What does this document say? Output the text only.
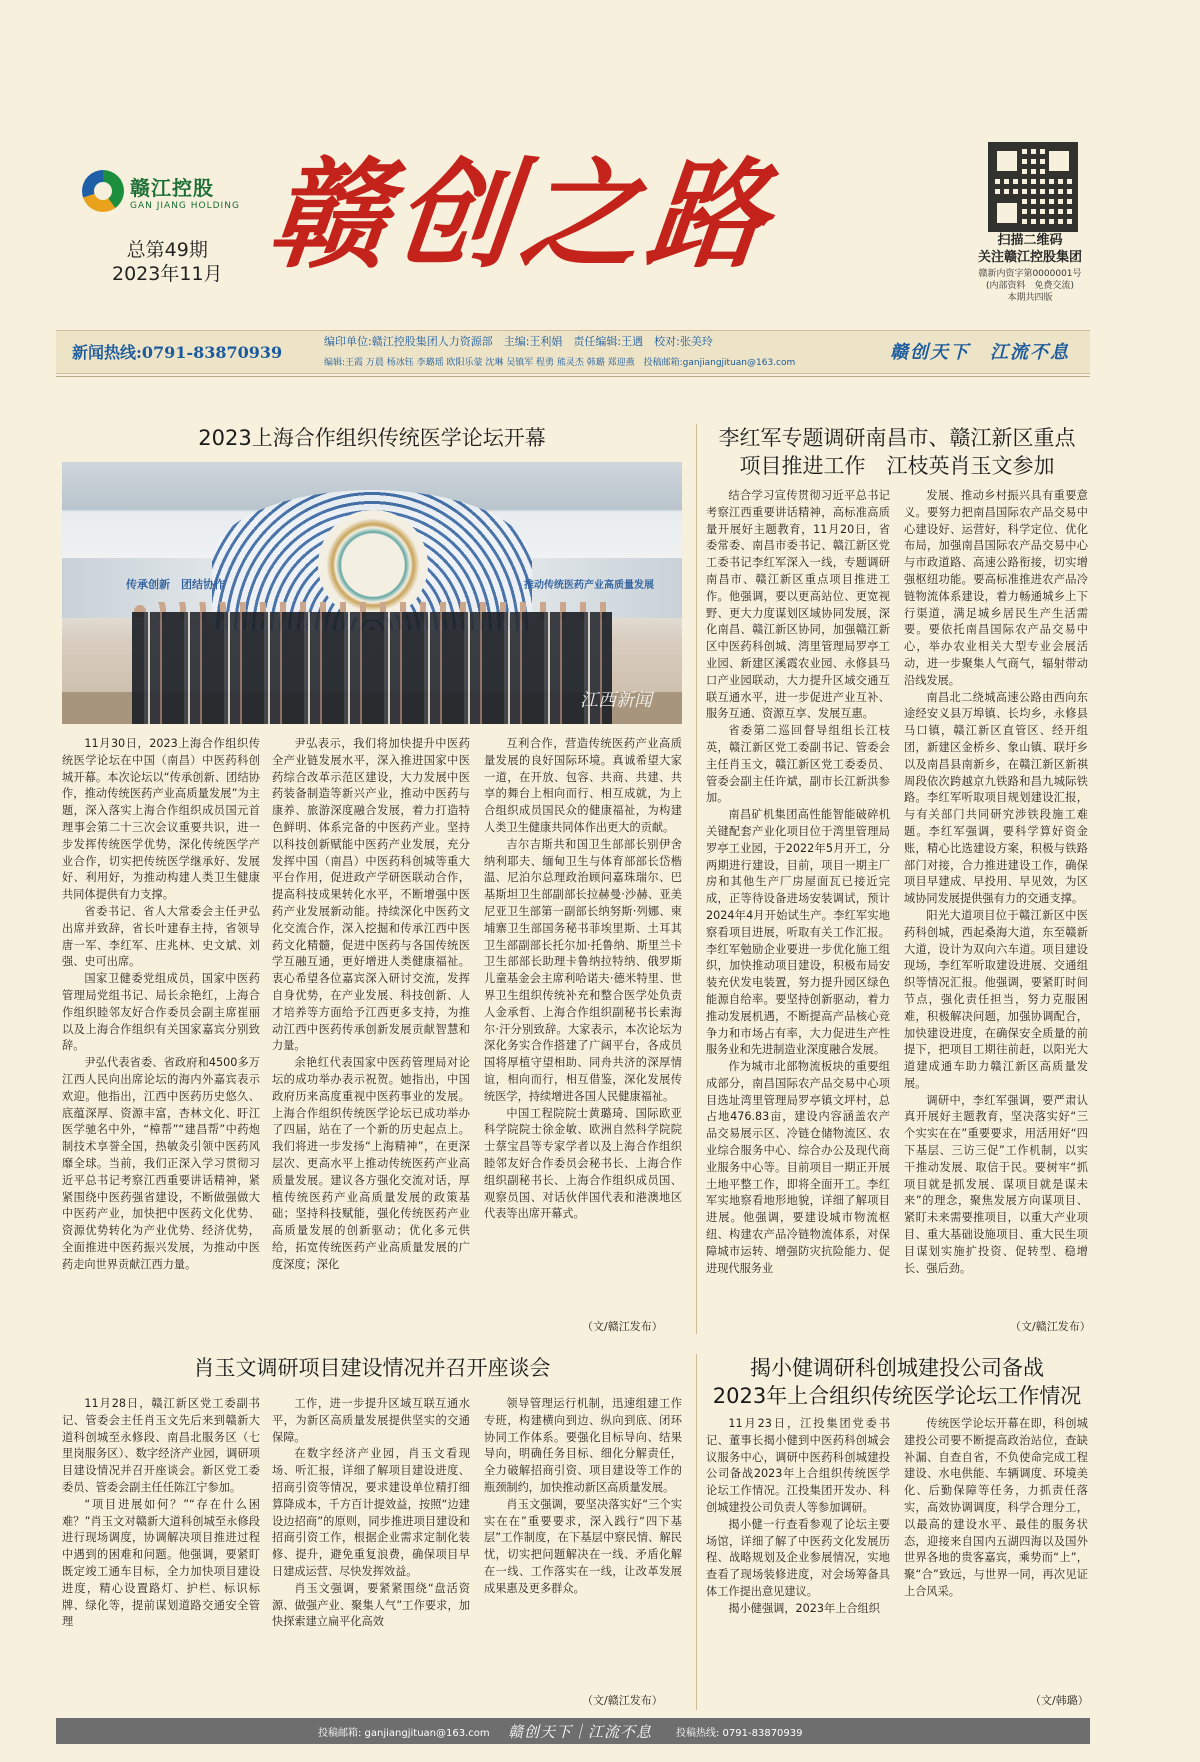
赣江控股
GAN JIANG HOLDING
总第49期
2023年11月 赣创之路	扫描二维码
关注赣江控股集团
赣新内资字第0000001号
(内部资料　免费交流)
本期共四版
新闻热线:0791-83870939
编印单位:赣江控股集团人力资源部　主编:王利娟　责任编辑:王遇　校对:张美玲
编辑:王霞 万晨 杨冰钰 李璐瑶 欧阳乐蒙 沈琳 吴镇军 程勇 熊灵杰 韩璐 郑迎燕　投稿邮箱:ganjiangjituan@163.com	赣创天下　江流不息
2023上海合作组织传统医学论坛开幕
传承创新　团结协作	推动传统医药产业高质量发展
江西新闻

11月30日，2023上海合作组织传统医学论坛在中国（南昌）中医药科创城开幕。本次论坛以“传承创新、团结协作，推动传统医药产业高质量发展”为主题，深入落实上海合作组织成员国元首理事会第二十三次会议重要共识，进一步发挥传统医学优势，深化传统医学产业合作，切实把传统医学继承好、发展好、利用好，为推动构建人类卫生健康共同体提供有力支撑。

省委书记、省人大常委会主任尹弘出席并致辞，省长叶建春主持，省领导唐一军、李红军、庄兆林、史文斌、刘强、史可出席。

国家卫健委党组成员，国家中医药管理局党组书记、局长余艳红，上海合作组织睦邻友好合作委员会副主席崔丽以及上海合作组织有关国家嘉宾分别致辞。

尹弘代表省委、省政府和4500多万江西人民向出席论坛的海内外嘉宾表示欢迎。他指出，江西中医药历史悠久、底蕴深厚、资源丰富，杏林文化、盱江医学驰名中外，“樟帮”“建昌帮”中药炮制技术享誉全国，热敏灸引领中医药风靡全球。当前，我们正深入学习贯彻习近平总书记考察江西重要讲话精神，紧紧围绕中医药强省建设，不断做强做大中医药产业，加快把中医药文化优势、资源优势转化为产业优势、经济优势，全面推进中医药振兴发展，为推动中医药走向世界贡献江西力量。

尹弘表示，我们将加快提升中医药全产业链发展水平，深入推进国家中医药综合改革示范区建设，大力发展中医药装备制造等新兴产业，推动中医药与康养、旅游深度融合发展，着力打造特色鲜明、体系完备的中医药产业。坚持以科技创新赋能中医药产业发展，充分发挥中国（南昌）中医药科创城等重大平台作用，促进政产学研医联动合作，提高科技成果转化水平，不断增强中医药产业发展新动能。持续深化中医药文化交流合作，深入挖掘和传承江西中医药文化精髓，促进中医药与各国传统医学互融互通，更好增进人类健康福祉。衷心希望各位嘉宾深入研讨交流，发挥自身优势，在产业发展、科技创新、人才培养等方面给予江西更多支持，为推动江西中医药传承创新发展贡献智慧和力量。

余艳红代表国家中医药管理局对论坛的成功举办表示祝贺。她指出，中国政府历来高度重视中医药事业的发展。上海合作组织传统医学论坛已成功举办了四届，站在了一个新的历史起点上。我们将进一步发扬“上海精神”，在更深层次、更高水平上推动传统医药产业高质量发展。建议各方强化交流对话，厚植传统医药产业高质量发展的政策基础；坚持科技赋能，强化传统医药产业高质量发展的创新驱动；优化多元供给，拓宽传统医药产业高质量发展的广度深度；深化

互利合作，营造传统医药产业高质量发展的良好国际环境。真诚希望大家一道，在开放、包容、共商、共建、共享的舞台上相向而行、相互成就，为上合组织成员国民众的健康福祉，为构建人类卫生健康共同体作出更大的贡献。

吉尔吉斯共和国卫生部部长别伊舍纳利耶夫、缅甸卫生与体育部部长岱楷温、尼泊尔总理政治顾问嘉珠瑞尔、巴基斯坦卫生部副部长拉赫曼·沙赫、亚美尼亚卫生部第一副部长纳努斯·列娜、柬埔寨卫生部国务秘书菲埃里斯、土耳其卫生部副部长托尔加·托鲁纳、斯里兰卡卫生部部长助理卡鲁纳拉特纳、俄罗斯儿童基金会主席利哈诺夫·德米特里、世界卫生组织传统补充和整合医学处负责人金承哲、上海合作组织副秘书长索海尔·汗分别致辞。大家表示，本次论坛为深化务实合作搭建了广阔平台，各成员国将厚植守望相助、同舟共济的深厚情谊，相向而行，相互借鉴，深化发展传统医学，持续增进各国人民健康福祉。

中国工程院院士黄璐琦、国际欧亚科学院院士徐金敏、欧洲自然科学院院士蔡宝昌等专家学者以及上海合作组织睦邻友好合作委员会秘书长、上海合作组织副秘书长、上海合作组织成员国、观察员国、对话伙伴国代表和港澳地区代表等出席开幕式。

（文/赣江发布）
李红军专题调研南昌市、赣江新区重点
项目推进工作　江枝英肖玉文参加

结合学习宣传贯彻习近平总书记考察江西重要讲话精神，高标准高质量开展好主题教育，11月20日，省委常委、南昌市委书记、赣江新区党工委书记李红军深入一线，专题调研南昌市、赣江新区重点项目推进工作。他强调，要以更高站位、更宽视野、更大力度谋划区域协同发展，深化南昌、赣江新区协同，加强赣江新区中医药科创城、湾里管理局罗亭工业园、新建区溪霞农业园、永修县马口产业园联动，大力提升区域交通互联互通水平，进一步促进产业互补、服务互通、资源互享、发展互惠。

省委第二巡回督导组组长江枝英，赣江新区党工委副书记、管委会主任肖玉文，赣江新区党工委委员、管委会副主任许斌，副市长江新洪参加。

南昌矿机集团高性能智能破碎机关键配套产业化项目位于湾里管理局罗亭工业园，于2022年5月开工，分两期进行建设，目前，项目一期主厂房和其他生产厂房屋面瓦已接近完成，正等待设备进场安装调试，预计2024年4月开始试生产。李红军实地察看项目进展，听取有关工作汇报。李红军勉励企业要进一步优化施工组织，加快推动项目建设，积极布局安装充伏发电装置，努力提升园区绿色能源自给率。要坚持创新驱动，着力推动发展机遇，不断提高产品核心竞争力和市场占有率，大力促进生产性服务业和先进制造业深度融合发展。

作为城市北部物流板块的重要组成部分，南昌国际农产品交易中心项目选址湾里管理局罗亭镇文坪村，总占地476.83亩，建设内容涵盖农产品交易展示区、冷链仓储物流区、农业综合服务中心、综合办公及现代商业服务中心等。目前项目一期正开展土地平整工作，即将全面开工。李红军实地察看地形地貌，详细了解项目进展。他强调，要建设城市物流枢纽、构建农产品冷链物流体系，对保障城市运转、增强防灾抗险能力、促进现代服务业

发展、推动乡村振兴具有重要意义。要努力把南昌国际农产品交易中心建设好、运营好，科学定位、优化布局，加强南昌国际农产品交易中心与市政道路、高速公路衔接，切实增强枢纽功能。要高标准推进农产品冷链物流体系建设，着力畅通城乡上下行渠道，满足城乡居民生产生活需要。要依托南昌国际农产品交易中心，举办农业相关大型专业会展活动，进一步聚集人气商气，辐射带动沿线发展。

南昌北二绕城高速公路由西向东途经安义县万埠镇、长均乡，永修县马口镇，赣江新区直管区、经开组团，新建区金桥乡、象山镇、联圩乡以及南昌县南新乡，在赣江新区新祺周段依次跨越京九铁路和昌九城际铁路。李红军听取项目规划建设汇报，与有关部门共同研究涉铁段施工难题。李红军强调，要科学算好资金账，精心比选建设方案，积极与铁路部门对接，合力推进建设工作，确保项目早建成、早投用、早见效，为区域协同发展提供强有力的交通支撑。

阳光大道项目位于赣江新区中医药科创城，西起桑海大道，东至赣新大道，设计为双向六车道。项目建设现场，李红军听取建设进展、交通组织等情况汇报。他强调，要紧盯时间节点，强化责任担当，努力克服困难，积极解决问题，加强协调配合，加快建设进度，在确保安全质量的前提下，把项目工期往前赶，以阳光大道建成通车助力赣江新区高质量发展。

调研中，李红军强调，要严肃认真开展好主题教育，坚决落实好“三个实实在在”重要要求，用活用好“四下基层、三访三促”工作机制，以实干推动发展、取信于民。要树牢“抓项目就是抓发展、谋项目就是谋未来”的理念，聚焦发展方向谋项目、紧盯未来需要推项目，以重大产业项目、重大基础设施项目、重大民生项目谋划实施扩投资、促转型、稳增长、强后劲。

（文/赣江发布）
肖玉文调研项目建设情况并召开座谈会

11月28日，赣江新区党工委副书记、管委会主任肖玉文先后来到赣新大道科创城至永修段、南昌北服务区（七里岗服务区）、数字经济产业园，调研项目建设情况并召开座谈会。新区党工委委员、管委会副主任任陈江宁参加。

“项目进展如何？”“存在什么困难？”肖玉文对赣新大道科创城至永修段进行现场调度，协调解决项目推进过程中遇到的困难和问题。他强调，要紧盯既定竣工通车目标，全力加快项目建设进度，精心设置路灯、护栏、标识标牌、绿化等，提前谋划道路交通安全管理

工作，进一步提升区域互联互通水平，为新区高质量发展提供坚实的交通保障。

在数字经济产业园，肖玉文看现场、听汇报，详细了解项目建设进度、招商引资等情况，要求建设单位精打细算降成本，千方百计提效益，按照“边建设边招商”的原则，同步推进项目建设和招商引资工作，根据企业需求定制化装修、提升，避免重复浪费，确保项目早日建成运营、尽快发挥效益。

肖玉文强调，要紧紧围绕“盘活资源、做强产业、聚集人气”工作要求，加快探索建立扁平化高效

领导管理运行机制，迅速组建工作专班，构建横向到边、纵向到底、闭环协同工作体系。要强化目标导向、结果导向，明确任务目标、细化分解责任，全力破解招商引资、项目建设等工作的瓶颈制约，加快推动新区高质量发展。

肖玉文强调，要坚决落实好“三个实实在在”重要要求，深入践行“四下基层”工作制度，在下基层中察民情、解民忧，切实把问题解决在一线、矛盾化解在一线、工作落实在一线，让改革发展成果惠及更多群众。

（文/赣江发布）
揭小健调研科创城建投公司备战
2023年上合组织传统医学论坛工作情况

11月23日，江投集团党委书记、董事长揭小健到中医药科创城会议服务中心，调研中医药科创城建投公司备战2023年上合组织传统医学论坛工作情况。江投集团开发办、科创城建投公司负责人等参加调研。

揭小健一行查看参观了论坛主要场馆，详细了解了中医药文化发展历程、战略规划及企业参展情况，实地查看了现场装修进度，对会场筹备具体工作提出意见建议。

揭小健强调，2023年上合组织

传统医学论坛开幕在即，科创城建投公司要不断提高政治站位，查缺补漏、自查自省，不负使命完成工程建设、水电供能、车辆调度、环境美化、后勤保障等任务，力抓责任落实，高效协调调度，科学合理分工，以最高的建设水平、最佳的服务状态，迎接来自国内五湖四海以及国外世界各地的贵客嘉宾，乘势而“上”，聚“合”致远，与世界一同，再次见证上合风采。

（文/韩璐）
投稿邮箱: ganjiangjituan@163.com 赣创天下｜江流不息 投稿热线: 0791-83870939
